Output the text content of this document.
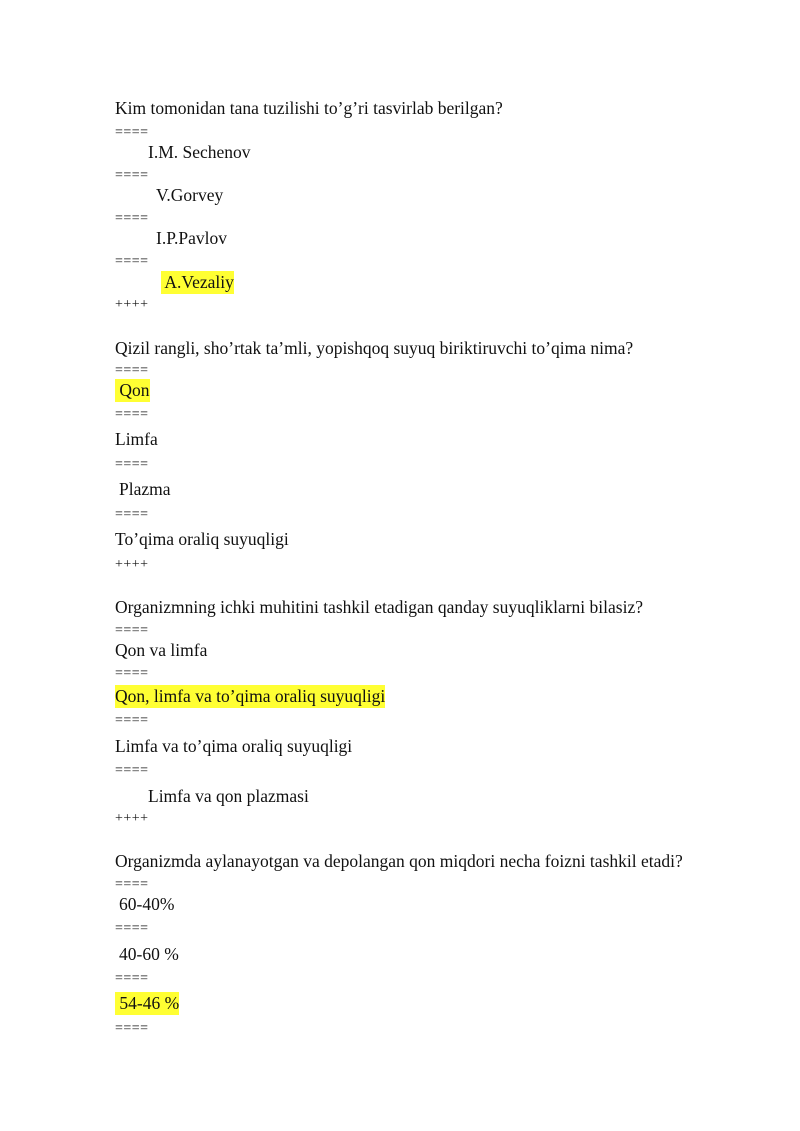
Kim tomonidan tana tuzilishi to’g’ri tasvirlab berilgan?
====
I.M. Sechenov
====
V.Gorvey
====
I.P.Pavlov
====
A.Vezaliy
++++
Qizil rangli, sho’rtak ta’mli, yopishqoq suyuq biriktiruvchi to’qima nima?
====
Qon
====
Limfa
====
Plazma
====
To’qima oraliq suyuqligi
++++
Organizmning ichki muhitini tashkil etadigan qanday suyuqliklarni bilasiz?
====
Qon va limfa
====
Qon, limfa va to’qima oraliq suyuqligi
====
Limfa va to’qima oraliq suyuqligi
====
Limfa va qon plazmasi
++++
Organizmda aylanayotgan va depolangan qon miqdori necha foizni tashkil etadi?
====
60-40%
====
40-60 %
====
54-46 %
====
